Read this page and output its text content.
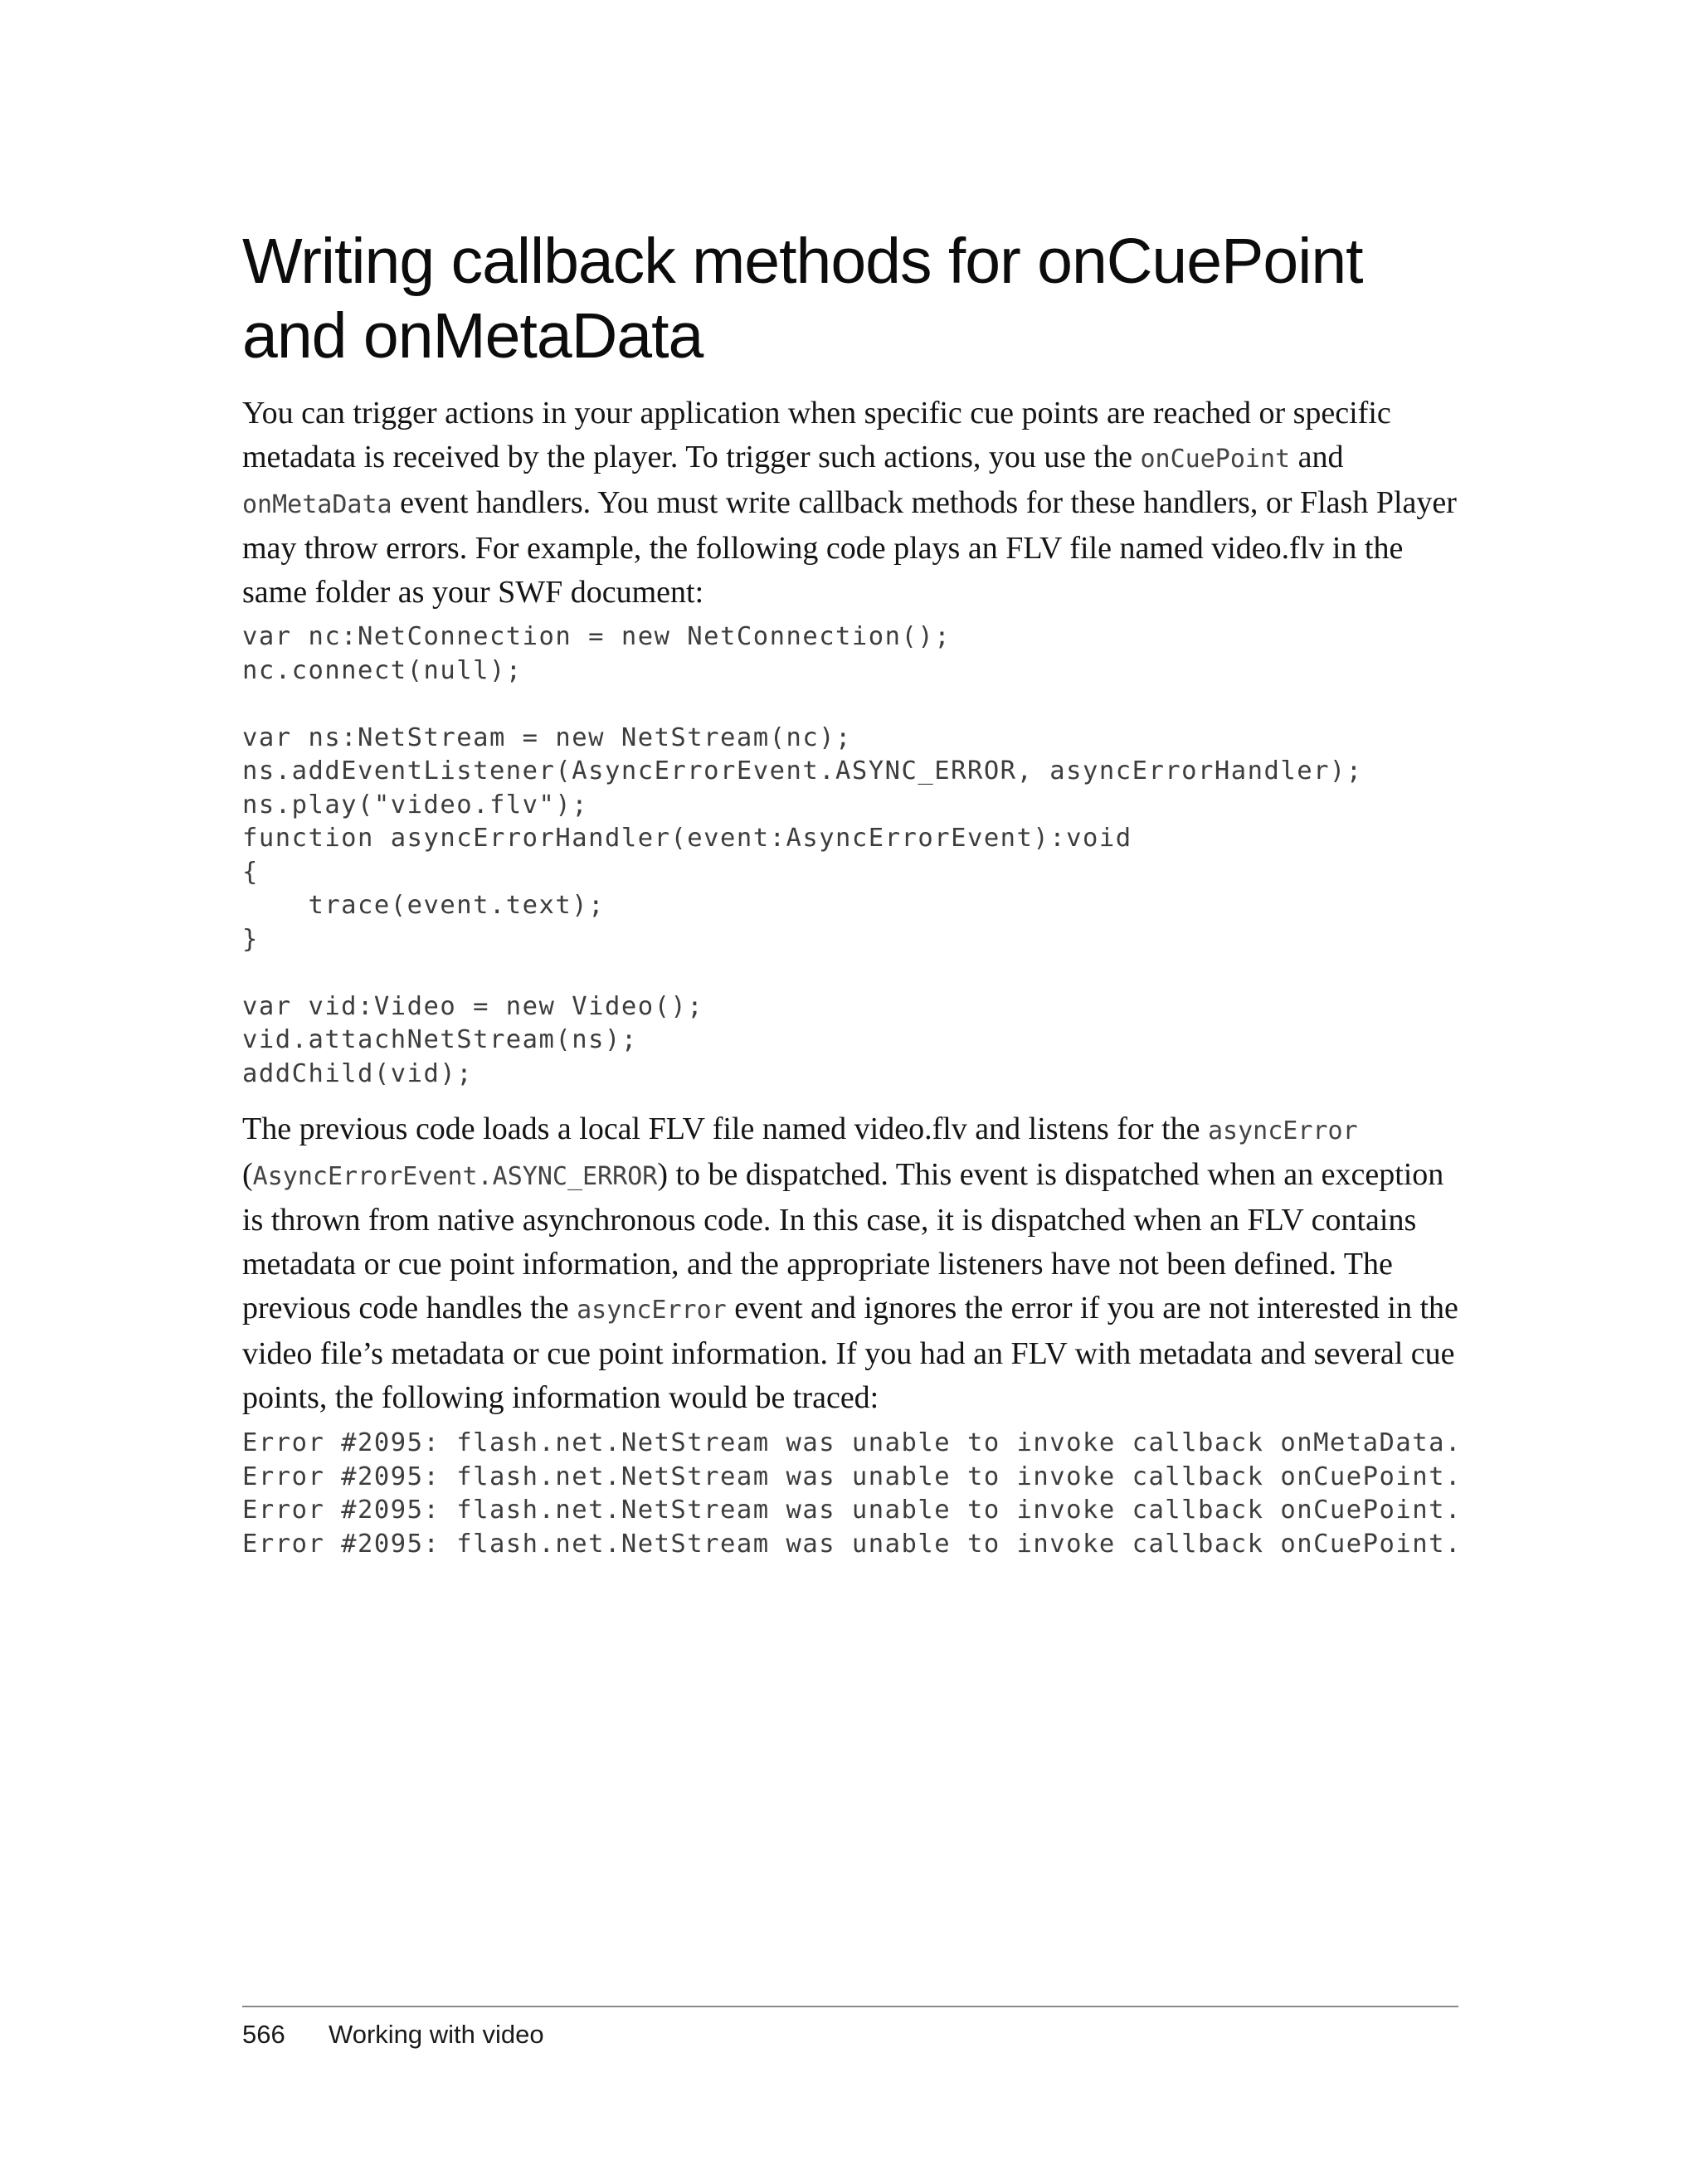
Writing callback methods for onCuePoint
and onMetaData

You can trigger actions in your application when specific cue points are reached or specific metadata is received by the player. To trigger such actions, you use the onCuePoint and onMetaData event handlers. You must write callback methods for these handlers, or Flash Player may throw errors. For example, the following code plays an FLV file named video.flv in the same folder as your SWF document:

var nc:NetConnection = new NetConnection();
nc.connect(null);

var ns:NetStream = new NetStream(nc);
ns.addEventListener(AsyncErrorEvent.ASYNC_ERROR, asyncErrorHandler);
ns.play("video.flv");
function asyncErrorHandler(event:AsyncErrorEvent):void
{
trace(event.text);
}

var vid:Video = new Video();
vid.attachNetStream(ns);
addChild(vid);

The previous code loads a local FLV file named video.flv and listens for the asyncError (AsyncErrorEvent.ASYNC_ERROR) to be dispatched. This event is dispatched when an exception is thrown from native asynchronous code. In this case, it is dispatched when an FLV contains metadata or cue point information, and the appropriate listeners have not been defined. The previous code handles the asyncError event and ignores the error if you are not interested in the video file’s metadata or cue point information. If you had an FLV with metadata and several cue points, the following information would be traced:

Error #2095: flash.net.NetStream was unable to invoke callback onMetaData.
Error #2095: flash.net.NetStream was unable to invoke callback onCuePoint.
Error #2095: flash.net.NetStream was unable to invoke callback onCuePoint.
Error #2095: flash.net.NetStream was unable to invoke callback onCuePoint.
566 Working with video
